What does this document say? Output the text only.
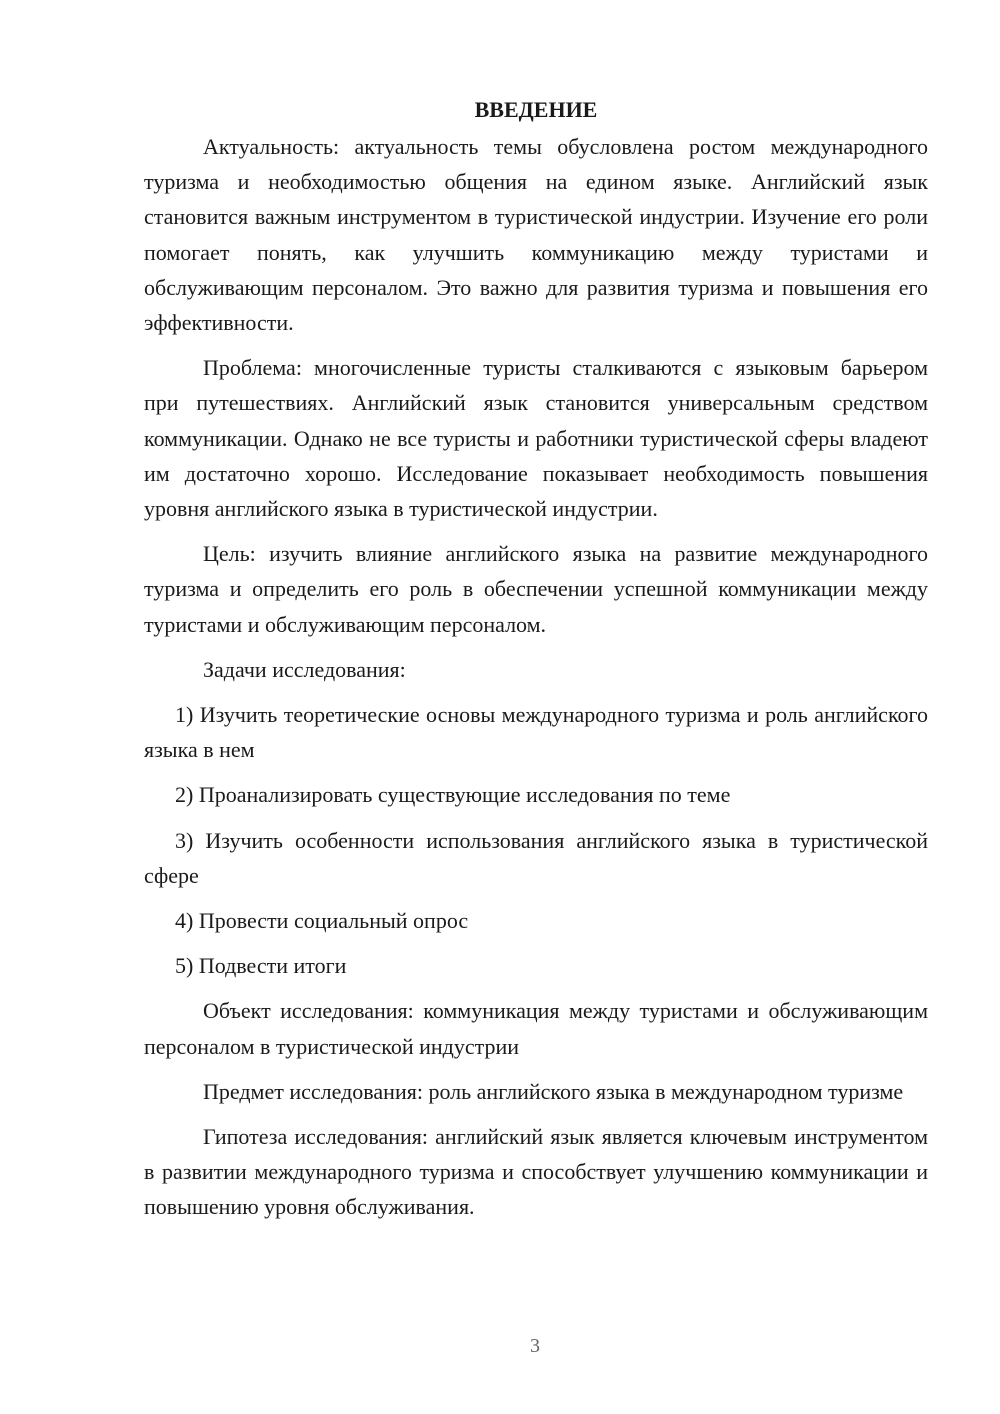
ВВЕДЕНИЕ

Актуальность: актуальность темы обусловлена ростом международного туризма и необходимостью общения на едином языке. Английский язык становится важным инструментом в туристической индустрии. Изучение его роли помогает понять, как улучшить коммуникацию между туристами и обслуживающим персоналом. Это важно для развития туризма и повышения его эффективности.

Проблема: многочисленные туристы сталкиваются с языковым барьером при путешествиях. Английский язык становится универсальным средством коммуникации. Однако не все туристы и работники туристической сферы владеют им достаточно хорошо. Исследование показывает необходимость повышения уровня английского языка в туристической индустрии.

Цель: изучить влияние английского языка на развитие международного туризма и определить его роль в обеспечении успешной коммуникации между туристами и обслуживающим персоналом.

Задачи исследования:

1) Изучить теоретические основы международного туризма и роль английского языка в нем

2) Проанализировать существующие исследования по теме

3) Изучить особенности использования английского языка в туристической сфере

4) Провести социальный опрос

5) Подвести итоги

Объект исследования: коммуникация между туристами и обслуживающим персоналом в туристической индустрии

Предмет исследования: роль английского языка в международном туризме

Гипотеза исследования: английский язык является ключевым инструментом в развитии международного туризма и способствует улучшению коммуникации и повышению уровня обслуживания.

3
